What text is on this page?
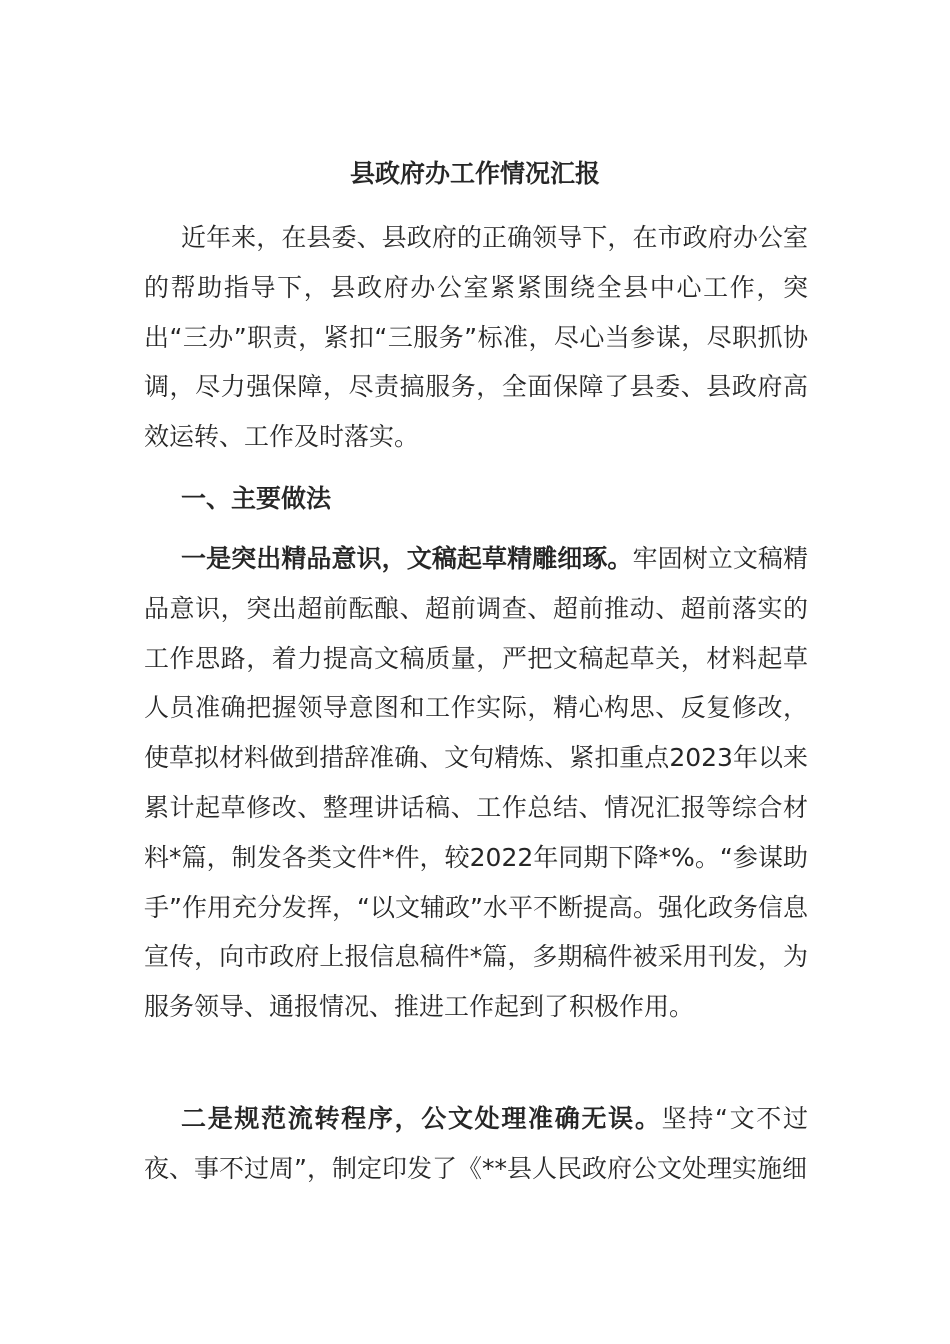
县政府办工作情况汇报

近年来，在县委、县政府的正确领导下，在市政府办公室的帮助指导下，县政府办公室紧紧围绕全县中心工作，突出“三办”职责，紧扣“三服务”标准，尽心当参谋，尽职抓协调，尽力强保障，尽责搞服务，全面保障了县委、县政府高效运转、工作及时落实。

一、主要做法

一是突出精品意识，文稿起草精雕细琢。牢固树立文稿精品意识，突出超前酝酿、超前调查、超前推动、超前落实的工作思路，着力提高文稿质量，严把文稿起草关，材料起草人员准确把握领导意图和工作实际，精心构思、反复修改，使草拟材料做到措辞准确、文句精炼、紧扣重点2023年以来累计起草修改、整理讲话稿、工作总结、情况汇报等综合材料*篇，制发各类文件*件，较2022年同期下降*%。“参谋助手”作用充分发挥，“以文辅政”水平不断提高。强化政务信息宣传，向市政府上报信息稿件*篇，多期稿件被采用刊发，为服务领导、通报情况、推进工作起到了积极作用。

二是规范流转程序，公文处理准确无误。坚持“文不过夜、事不过周”，制定印发了《**县人民政府公文处理实施细
